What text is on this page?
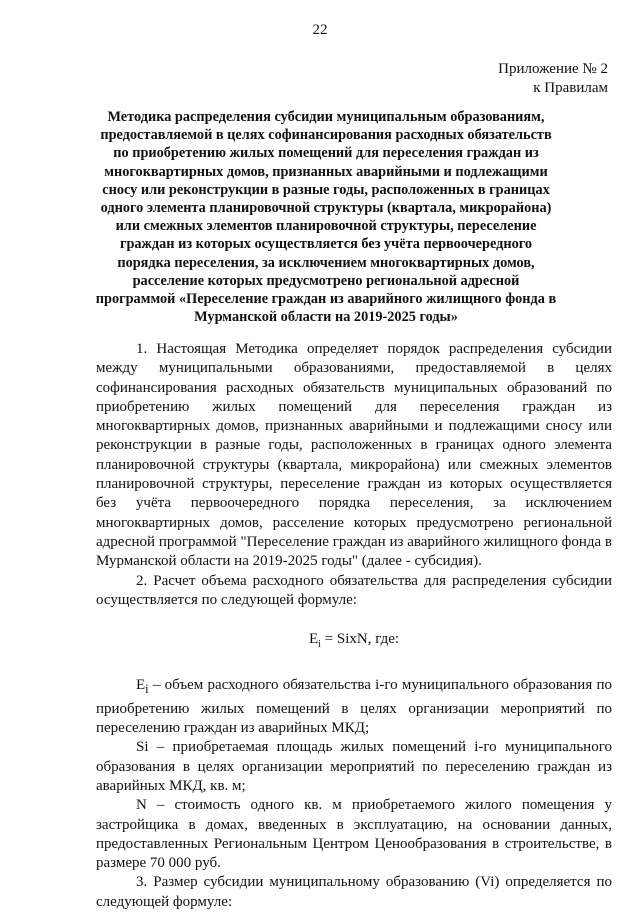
22
Приложение № 2
к Правилам
Методика распределения субсидии муниципальным образованиям, предоставляемой в целях софинансирования расходных обязательств по приобретению жилых помещений для переселения граждан из многоквартирных домов, признанных аварийными и подлежащими сносу или реконструкции в разные годы, расположенных в границах одного элемента планировочной структуры (квартала, микрорайона) или смежных элементов планировочной структуры, переселение граждан из которых осуществляется без учёта первоочередного порядка переселения, за исключением многоквартирных домов, расселение которых предусмотрено региональной адресной программой «Переселение граждан из аварийного жилищного фонда в Мурманской области на 2019-2025 годы»

1. Настоящая Методика определяет порядок распределения субсидии между муниципальными образованиями, предоставляемой в целях софинансирования расходных обязательств муниципальных образований по приобретению жилых помещений для переселения граждан из многоквартирных домов, признанных аварийными и подлежащими сносу или реконструкции в разные годы, расположенных в границах одного элемента планировочной структуры (квартала, микрорайона) или смежных элементов планировочной структуры, переселение граждан из которых осуществляется без учёта первоочередного порядка переселения, за исключением многоквартирных домов, расселение которых предусмотрено региональной адресной программой "Переселение граждан из аварийного жилищного фонда в Мурманской области на 2019-2025 годы" (далее - субсидия).

2. Расчет объема расходного обязательства для распределения субсидии осуществляется по следующей формуле:

$E_i$ = SixN, где:

$E_i$ – объем расходного обязательства i-го муниципального образования по приобретению жилых помещений в целях организации мероприятий по переселению граждан из аварийных МКД;

Si – приобретаемая площадь жилых помещений i-го муниципального образования в целях организации мероприятий по переселению граждан из аварийных МКД, кв. м;

N – стоимость одного кв. м приобретаемого жилого помещения у застройщика в домах, введенных в эксплуатацию, на основании данных, предоставленных Региональным Центром Ценообразования в строительстве, в размере 70 000 руб.

3. Размер субсидии муниципальному образованию (Vi) определяется по следующей формуле:
